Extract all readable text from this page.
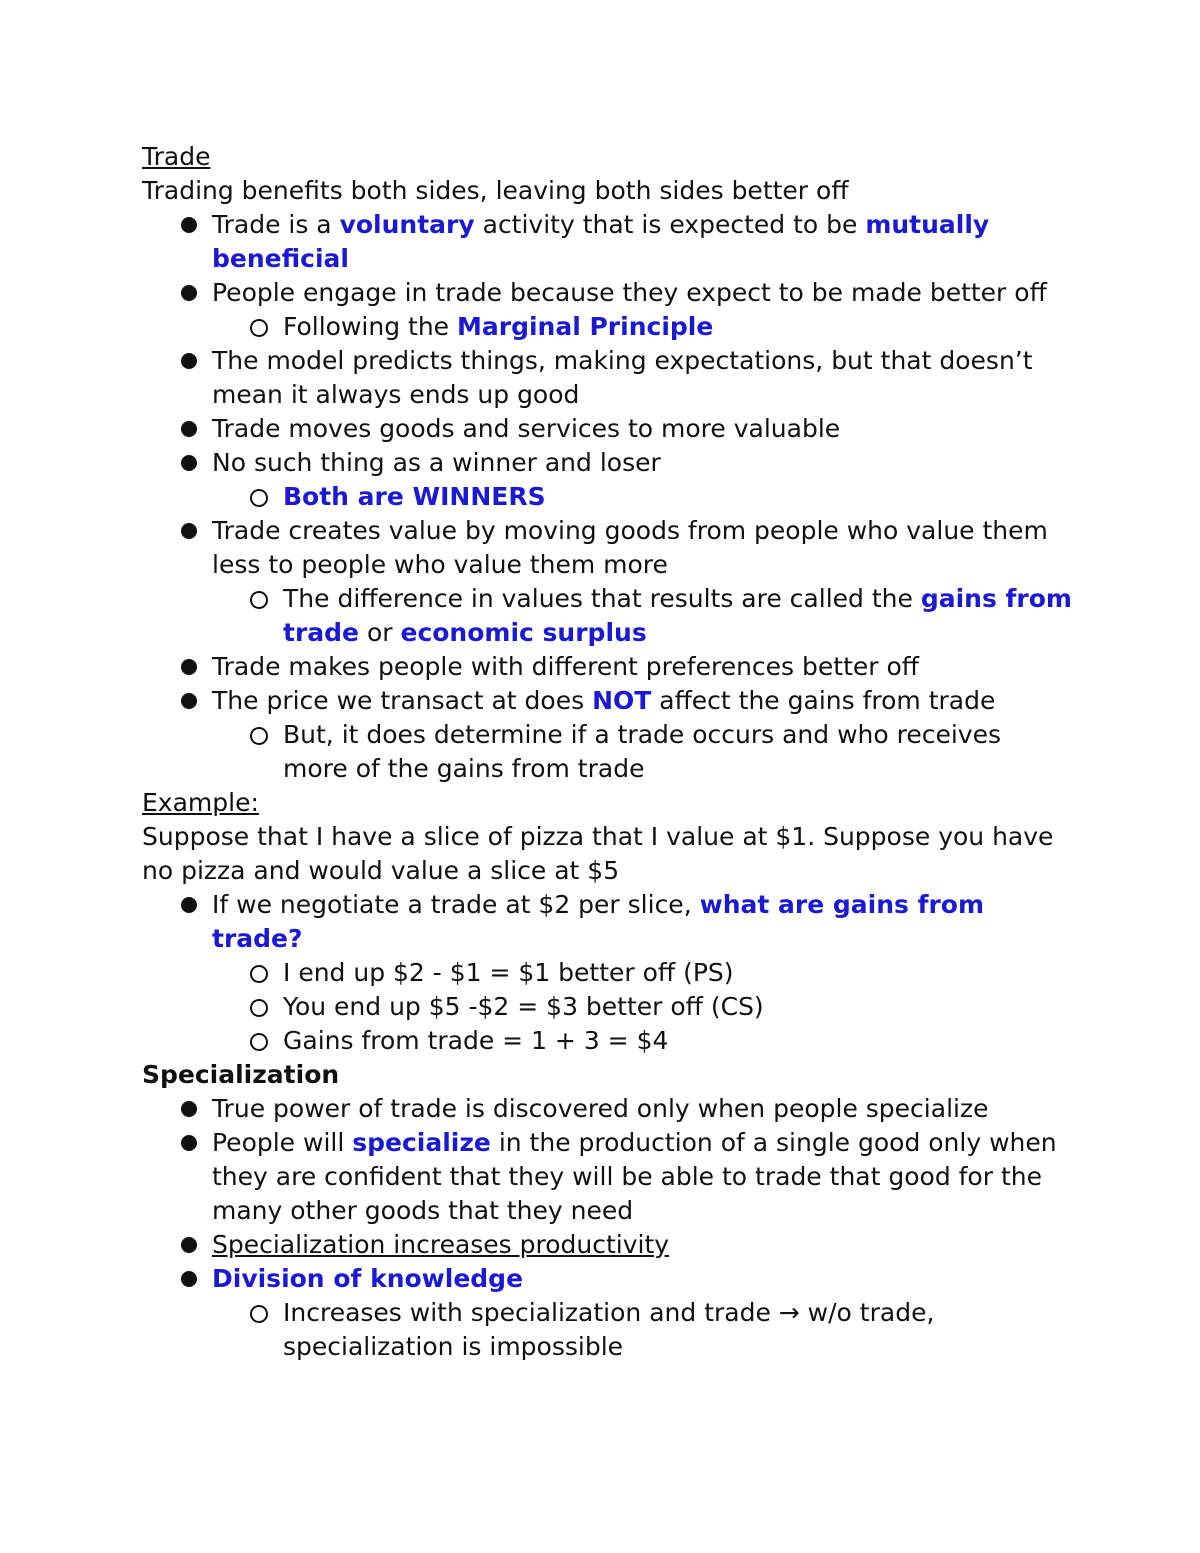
Trade

Trading benefits both sides, leaving both sides better off

Trade is a voluntary activity that is expected to be mutually beneficial
People engage in trade because they expect to be made better off
Following the Marginal Principle
The model predicts things, making expectations, but that doesn’t mean it always ends up good
Trade moves goods and services to more valuable
No such thing as a winner and loser
Both are WINNERS
Trade creates value by moving goods from people who value them less to people who value them more
The difference in values that results are called the gains from trade or economic surplus
Trade makes people with different preferences better off
The price we transact at does NOT affect the gains from trade
But, it does determine if a trade occurs and who receives more of the gains from trade

Example:

Suppose that I have a slice of pizza that I value at $1. Suppose you have no pizza and would value a slice at $5

If we negotiate a trade at $2 per slice, what are gains from trade?
I end up $2 - $1 = $1 better off (PS)
You end up $5 -$2 = $3 better off (CS)
Gains from trade = 1 + 3 = $4

Specialization

True power of trade is discovered only when people specialize
People will specialize in the production of a single good only when they are confident that they will be able to trade that good for the many other goods that they need
Specialization increases productivity
Division of knowledge
Increases with specialization and trade → w/o trade, specialization is impossible
